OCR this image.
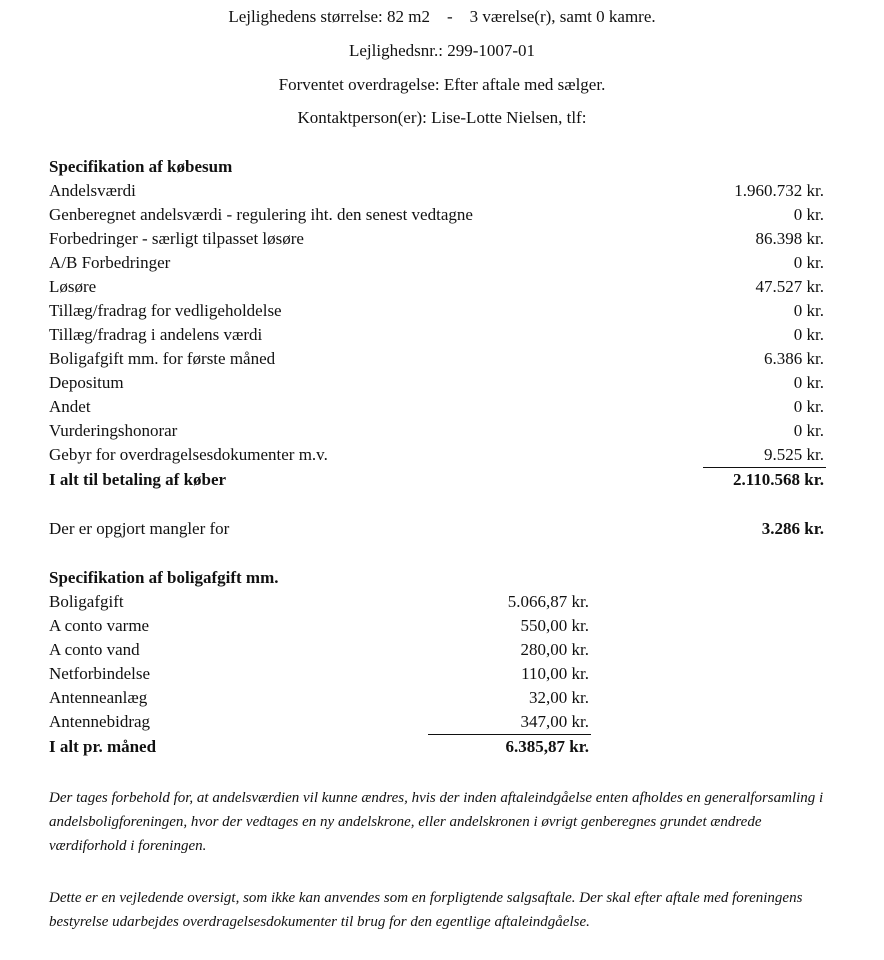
Lejlighedens størrelse: 82 m2    -    3 værelse(r), samt 0 kamre.
Lejlighedsnr.: 299-1007-01
Forventet overdragelse: Efter aftale med sælger.
Kontaktperson(er): Lise-Lotte Nielsen, tlf:
Specifikation af købesum
Andelsværdi	1.960.732 kr.
Genberegnet andelsværdi - regulering iht. den senest vedtagne	0 kr.
Forbedringer - særligt tilpasset løsøre	86.398 kr.
A/B Forbedringer	0 kr.
Løsøre	47.527 kr.
Tillæg/fradrag for vedligeholdelse	0 kr.
Tillæg/fradrag i andelens værdi	0 kr.
Boligafgift mm. for første måned	6.386 kr.
Depositum	0 kr.
Andet	0 kr.
Vurderingshonorar	0 kr.
Gebyr for overdragelsesdokumenter m.v.	9.525 kr.
I alt til betaling af køber	2.110.568 kr.
Der er opgjort mangler for	3.286 kr.
Specifikation af boligafgift mm.
Boligafgift	5.066,87 kr.
A conto varme	550,00 kr.
A conto vand	280,00 kr.
Netforbindelse	110,00 kr.
Antenneanlæg	32,00 kr.
Antennebidrag	347,00 kr.
I alt pr. måned	6.385,87 kr.
Der tages forbehold for, at andelsværdien vil kunne ændres, hvis der inden aftaleindgåelse enten afholdes en generalforsamling i andelsboligforeningen, hvor der vedtages en ny andelskrone, eller andelskronen i øvrigt genberegnes grundet ændrede værdiforhold i foreningen.
Dette er en vejledende oversigt, som ikke kan anvendes som en forpligtende salgsaftale. Der skal efter aftale med foreningens bestyrelse udarbejdes overdragelsesdokumenter til brug for den egentlige aftaleindgåelse.
